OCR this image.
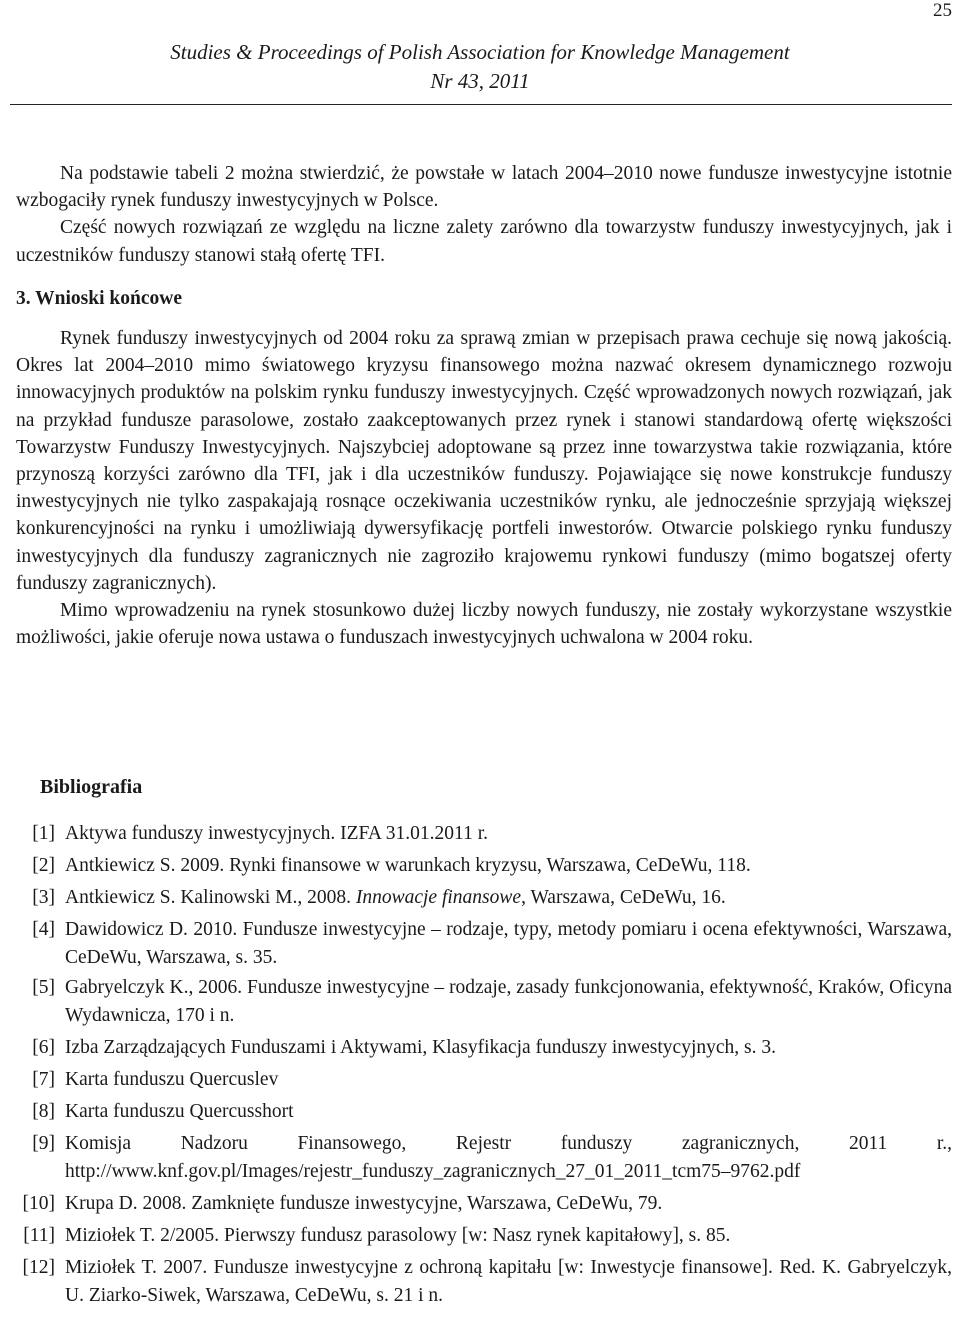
25
Studies & Proceedings of Polish Association for Knowledge Management
Nr 43, 2011

Na podstawie tabeli 2 można stwierdzić, że powstałe w latach 2004–2010 nowe fundusze inwestycyjne istotnie wzbogaciły rynek funduszy inwestycyjnych w Polsce.

Część nowych rozwiązań ze względu na liczne zalety zarówno dla towarzystw funduszy inwestycyjnych, jak i uczestników funduszy stanowi stałą ofertę TFI.

3. Wnioski końcowe

Rynek funduszy inwestycyjnych od 2004 roku za sprawą zmian w przepisach prawa cechuje się nową jakością. Okres lat 2004–2010 mimo światowego kryzysu finansowego można nazwać okresem dynamicznego rozwoju innowacyjnych produktów na polskim rynku funduszy inwestycyjnych. Część wprowadzonych nowych rozwiązań, jak na przykład fundusze parasolowe, zostało zaakceptowanych przez rynek i stanowi standardową ofertę większości Towarzystw Funduszy Inwestycyjnych. Najszybciej adoptowane są przez inne towarzystwa takie rozwiązania, które przynoszą korzyści zarówno dla TFI, jak i dla uczestników funduszy. Pojawiające się nowe konstrukcje funduszy inwestycyjnych nie tylko zaspakajają rosnące oczekiwania uczestników rynku, ale jednocześnie sprzyjają większej konkurencyjności na rynku i umożliwiają dywersyfikację portfeli inwestorów. Otwarcie polskiego rynku funduszy inwestycyjnych dla funduszy zagranicznych nie zagroziło krajowemu rynkowi funduszy (mimo bogatszej oferty funduszy zagranicznych).

Mimo wprowadzeniu na rynek stosunkowo dużej liczby nowych funduszy, nie zostały wykorzystane wszystkie możliwości, jakie oferuje nowa ustawa o funduszach inwestycyjnych uchwalona w 2004 roku.

Bibliografia
[1] Aktywa funduszy inwestycyjnych. IZFA 31.01.2011 r.
[2] Antkiewicz S. 2009. Rynki finansowe w warunkach kryzysu, Warszawa, CeDeWu, 118.
[3] Antkiewicz S. Kalinowski M., 2008. Innowacje finansowe, Warszawa, CeDeWu, 16.
[4] Dawidowicz D. 2010. Fundusze inwestycyjne – rodzaje, typy, metody pomiaru i ocena efektywności, Warszawa, CeDeWu, Warszawa, s. 35.
[5] Gabryelczyk K., 2006. Fundusze inwestycyjne – rodzaje, zasady funkcjonowania, efektywność, Kraków, Oficyna Wydawnicza, 170 i n.
[6] Izba Zarządzających Funduszami i Aktywami, Klasyfikacja funduszy inwestycyjnych, s. 3.
[7] Karta funduszu Quercuslev
[8] Karta funduszu Quercusshort
[9] Komisja Nadzoru Finansowego, Rejestr funduszy zagranicznych, 2011 r., http://www.knf.gov.pl/Images/rejestr_funduszy_zagranicznych_27_01_2011_tcm75–9762.pdf
[10] Krupa D. 2008. Zamknięte fundusze inwestycyjne, Warszawa, CeDeWu, 79.
[11] Miziołek T. 2/2005. Pierwszy fundusz parasolowy [w: Nasz rynek kapitałowy], s. 85.
[12] Miziołek T. 2007. Fundusze inwestycyjne z ochroną kapitału [w: Inwestycje finansowe]. Red. K. Gabryelczyk, U. Ziarko-Siwek, Warszawa, CeDeWu, s. 21 i n.
